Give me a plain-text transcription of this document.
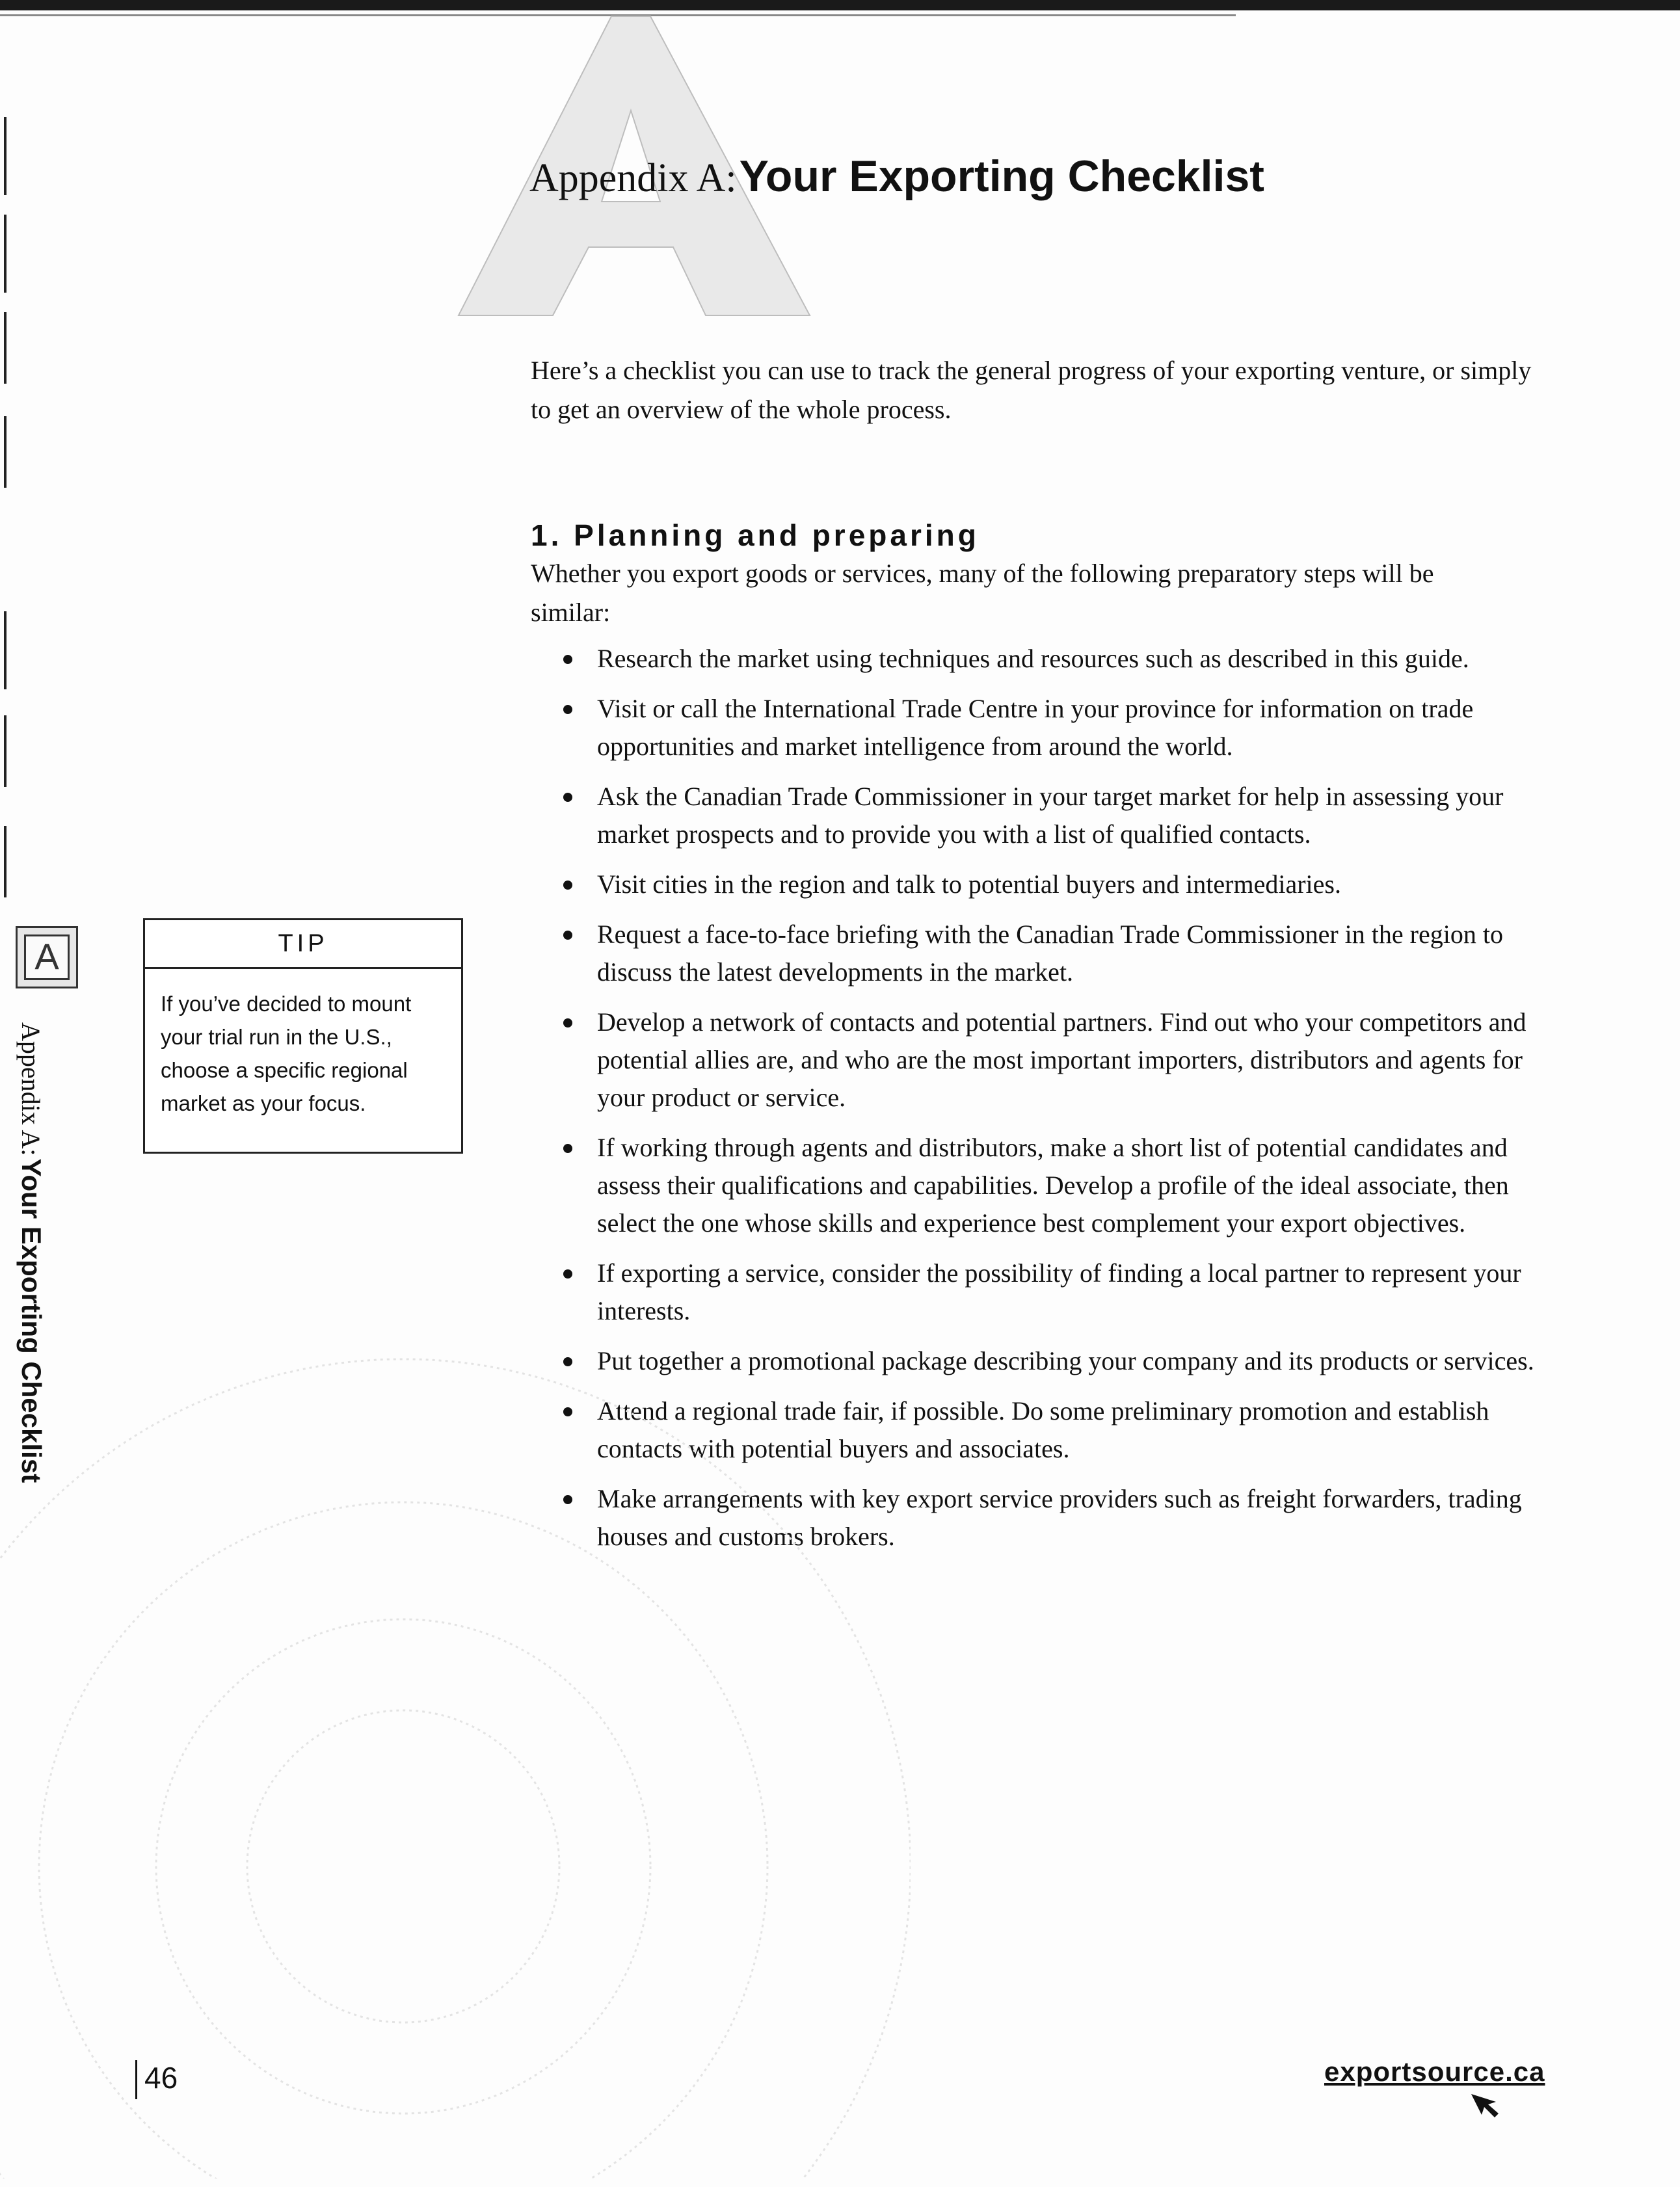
Appendix A: Your Exporting Checklist

Here’s a checklist you can use to track the general progress of your exporting venture, or simply to get an overview of the whole process.

1. Planning and preparing

Whether you export goods or services, many of the following preparatory steps will be similar:

Research the market using techniques and resources such as described in this guide.
Visit or call the International Trade Centre in your province for information on trade opportunities and market intelligence from around the world.
Ask the Canadian Trade Commissioner in your target market for help in assessing your market prospects and to provide you with a list of qualified contacts.
Visit cities in the region and talk to potential buyers and intermediaries.
Request a face-to-face briefing with the Canadian Trade Commissioner in the region to discuss the latest developments in the market.
Develop a network of contacts and potential partners. Find out who your competitors and potential allies are, and who are the most important importers, distributors and agents for your product or service.
If working through agents and distributors, make a short list of potential candidates and assess their qualifications and capabilities. Develop a profile of the ideal associate, then select the one whose skills and experience best complement your export objectives.
If exporting a service, consider the possibility of finding a local partner to represent your interests.
Put together a promotional package describing your company and its products or services.
Attend a regional trade fair, if possible. Do some preliminary promotion and establish contacts with potential buyers and associates.
Make arrangements with key export service providers such as freight forwarders, trading houses and customs brokers.
TIP
If you’ve decided to mount your trial run in the U.S., choose a specific regional market as your focus.
A
Appendix A: Your Exporting Checklist
46	exportsource.ca
